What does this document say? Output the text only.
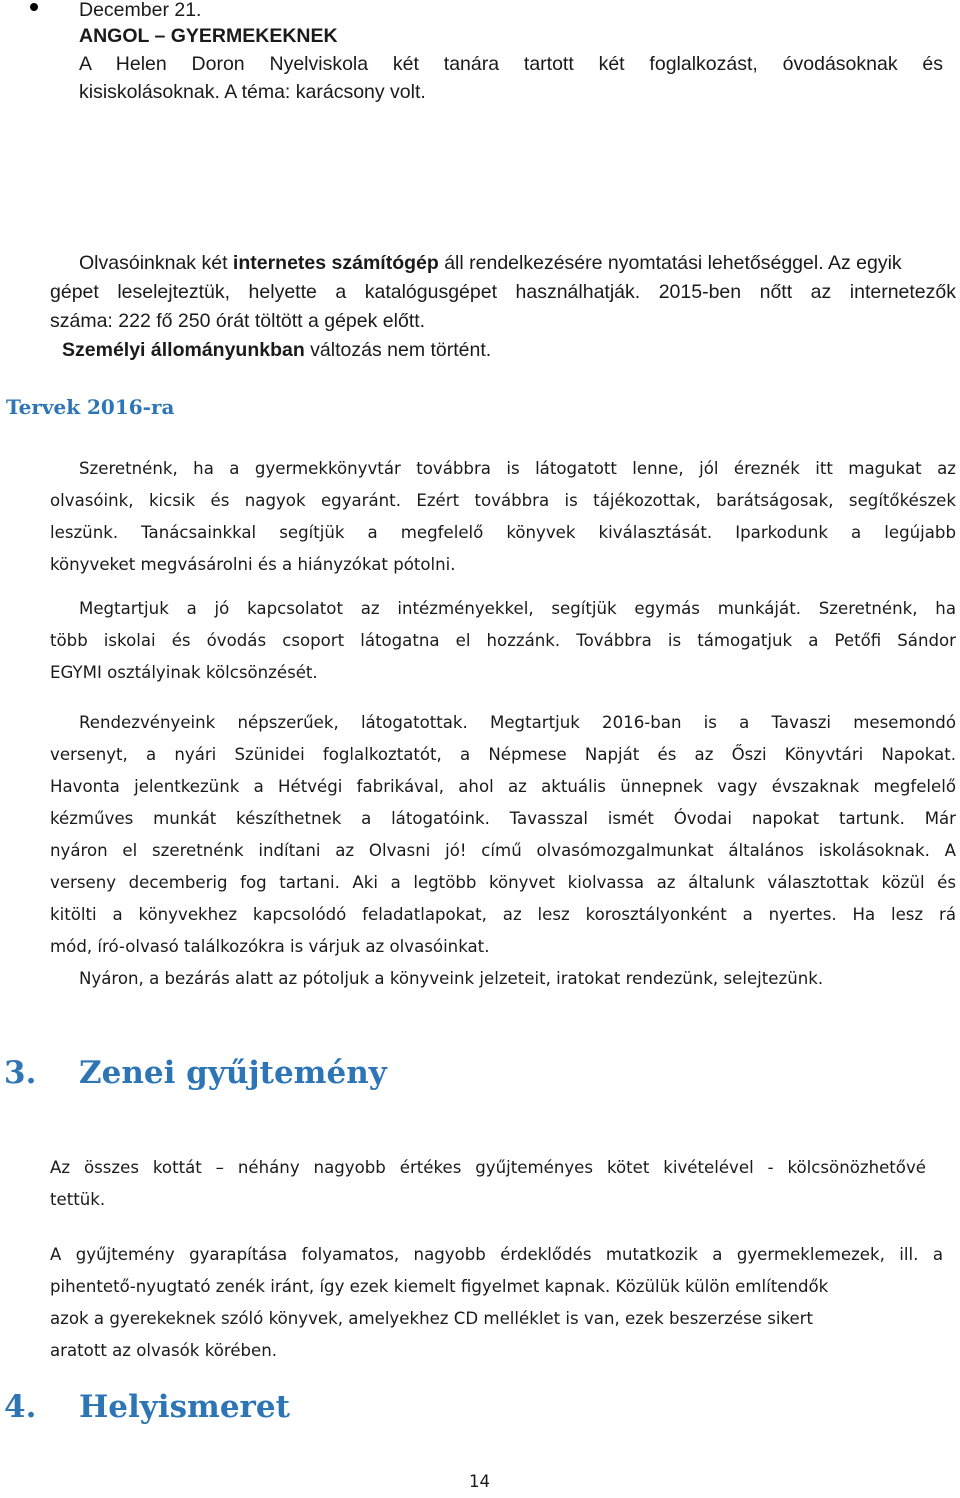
December 21.
ANGOL – GYERMEKEKNEK
A Helen Doron Nyelviskola két tanára tartott két foglalkozást, óvodásoknak és
kisiskolásoknak. A téma: karácsony volt.
Olvasóinknak két internetes számítógép áll rendelkezésére nyomtatási lehetőséggel. Az egyik
gépet leselejteztük, helyette a katalógusgépet használhatják. 2015-ben nőtt az internetezők
száma: 222 fő 250 órát töltött a gépek előtt.
Személyi állományunkban változás nem történt.
Tervek 2016-ra
Szeretnénk, ha a gyermekkönyvtár továbbra is látogatott lenne, jól éreznék itt magukat az
olvasóink, kicsik és nagyok egyaránt. Ezért továbbra is tájékozottak, barátságosak, segítőkészek
leszünk. Tanácsainkkal segítjük a megfelelő könyvek kiválasztását. Iparkodunk a legújabb
könyveket megvásárolni és a hiányzókat pótolni.
Megtartjuk a jó kapcsolatot az intézményekkel, segítjük egymás munkáját. Szeretnénk, ha
több iskolai és óvodás csoport látogatna el hozzánk. Továbbra is támogatjuk a Petőfi Sándor
EGYMI osztályinak kölcsönzését.
Rendezvényeink népszerűek, látogatottak. Megtartjuk 2016-ban is a Tavaszi mesemondó
versenyt, a nyári Szünidei foglalkoztatót, a Népmese Napját és az Őszi Könyvtári Napokat.
Havonta jelentkezünk a Hétvégi fabrikával, ahol az aktuális ünnepnek vagy évszaknak megfelelő
kézműves munkát készíthetnek a látogatóink. Tavasszal ismét Óvodai napokat tartunk. Már
nyáron el szeretnénk indítani az Olvasni jó! című olvasómozgalmunkat általános iskolásoknak. A
verseny decemberig fog tartani. Aki a legtöbb könyvet kiolvassa az általunk választottak közül és
kitölti a könyvekhez kapcsolódó feladatlapokat, az lesz korosztályonként a nyertes. Ha lesz rá
mód, író-olvasó találkozókra is várjuk az olvasóinkat.
Nyáron, a bezárás alatt az pótoljuk a könyveink jelzeteit, iratokat rendezünk, selejtezünk.
3. Zenei gyűjtemény
Az összes kottát – néhány nagyobb értékes gyűjteményes kötet kivételével - kölcsönözhetővé
tettük.
A gyűjtemény gyarapítása folyamatos, nagyobb érdeklődés mutatkozik a gyermeklemezek, ill. a
pihentető-nyugtató zenék iránt, így ezek kiemelt figyelmet kapnak. Közülük külön említendők
azok a gyerekeknek szóló könyvek, amelyekhez CD melléklet is van, ezek beszerzése sikert
aratott az olvasók körében.
4. Helyismeret
14
